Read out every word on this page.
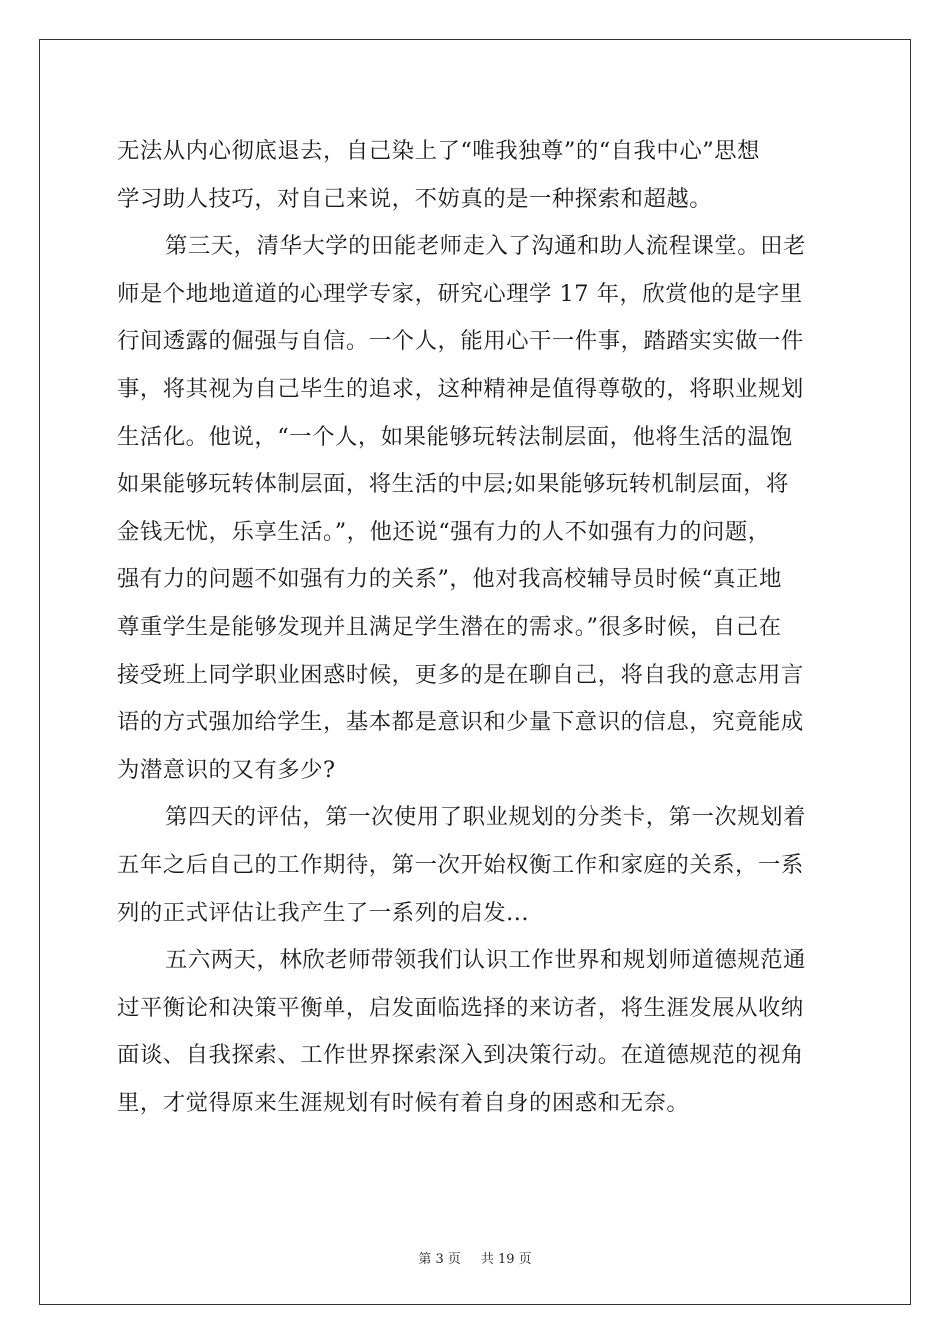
无法从内心彻底退去，自己染上了“唯我独尊”的“自我中心”思想
学习助人技巧，对自己来说，不妨真的是一种探索和超越。
第三天，清华大学的田能老师走入了沟通和助人流程课堂。田老
师是个地地道道的心理学专家，研究心理学 17 年，欣赏他的是字里
行间透露的倔强与自信。一个人，能用心干一件事，踏踏实实做一件
事，将其视为自己毕生的追求，这种精神是值得尊敬的，将职业规划
生活化。他说，“一个人，如果能够玩转法制层面，他将生活的温饱
如果能够玩转体制层面，将生活的中层;如果能够玩转机制层面，将
金钱无忧，乐享生活。”，他还说“强有力的人不如强有力的问题，
强有力的问题不如强有力的关系”，他对我高校辅导员时候“真正地
尊重学生是能够发现并且满足学生潜在的需求。”很多时候，自己在
接受班上同学职业困惑时候，更多的是在聊自己，将自我的意志用言
语的方式强加给学生，基本都是意识和少量下意识的信息，究竟能成
为潜意识的又有多少?
第四天的评估，第一次使用了职业规划的分类卡，第一次规划着
五年之后自己的工作期待，第一次开始权衡工作和家庭的关系，一系
列的正式评估让我产生了一系列的启发...
五六两天，林欣老师带领我们认识工作世界和规划师道德规范通
过平衡论和决策平衡单，启发面临选择的来访者，将生涯发展从收纳
面谈、自我探索、工作世界探索深入到决策行动。在道德规范的视角
里，才觉得原来生涯规划有时候有着自身的困惑和无奈。
第 3 页 共 19 页
